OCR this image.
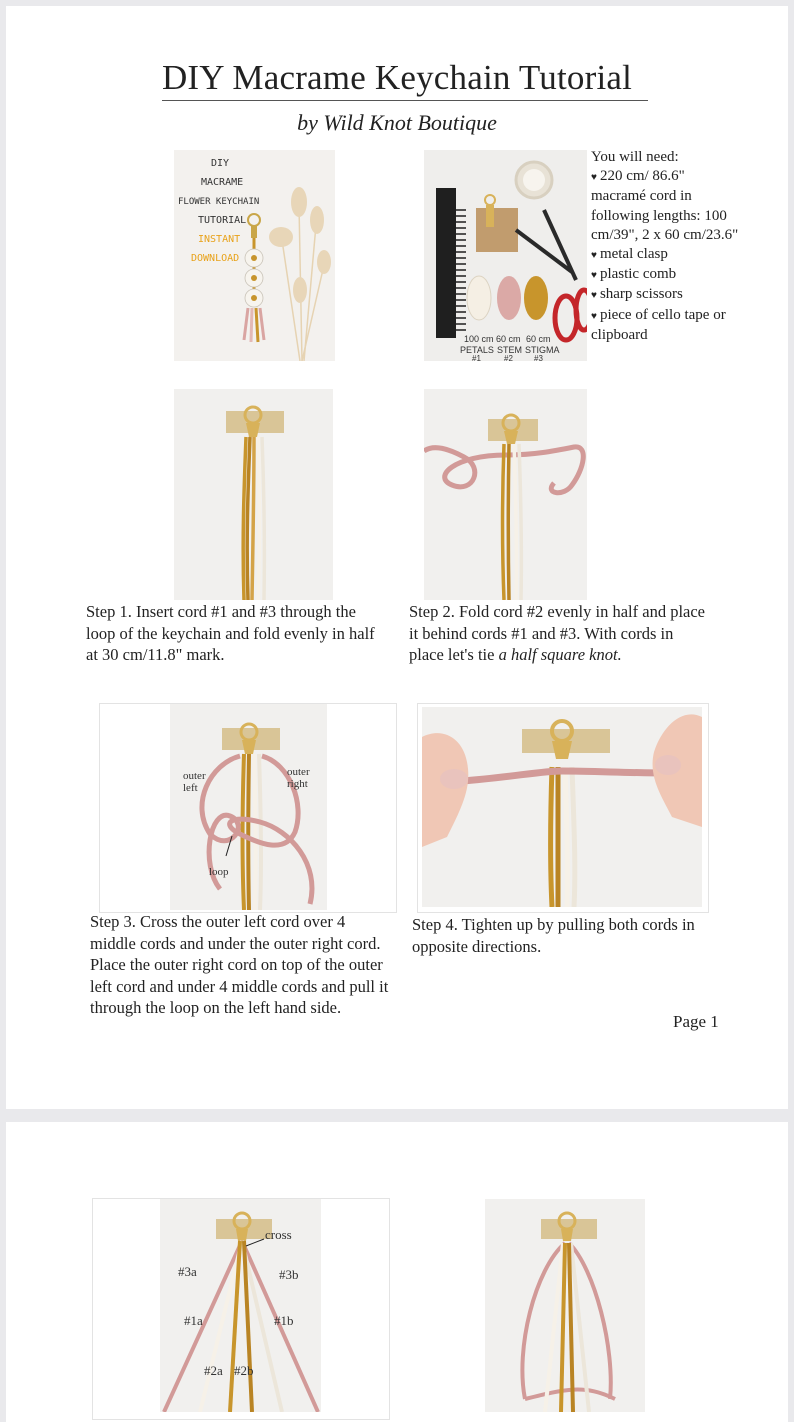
DIY Macrame Keychain Tutorial
by Wild Knot Boutique
DIY
MACRAME
FLOWER KEYCHAIN
TUTORIAL
INSTANT
DOWNLOAD
100 cm 60 cm 60 cm
PETALS STEM STIGMA
#1	#2	#3
You will need:
♥ 220 cm/ 86.6" macramé cord in following lengths: 100 cm/39", 2 x 60 cm/23.6"
♥ metal clasp
♥ plastic comb
♥ sharp scissors
♥ piece of cello tape or clipboard
Step 1. Insert cord #1 and #3 through the loop of the keychain and fold evenly in half at 30 cm/11.8" mark.
Step 2. Fold cord #2 evenly in half and place it behind cords #1 and #3. With cords in place let's tie a half square knot.
outer left
outer right
loop
Step 3. Cross the outer left cord over 4 middle cords and under the outer right cord. Place the outer right cord on top of the outer left cord and under 4 middle cords and pull it through the loop on the left hand side.
Step 4. Tighten up by pulling both cords in opposite directions.
Page 1
cross
#3a	#3b
#1a	#1b
#2a #2b
